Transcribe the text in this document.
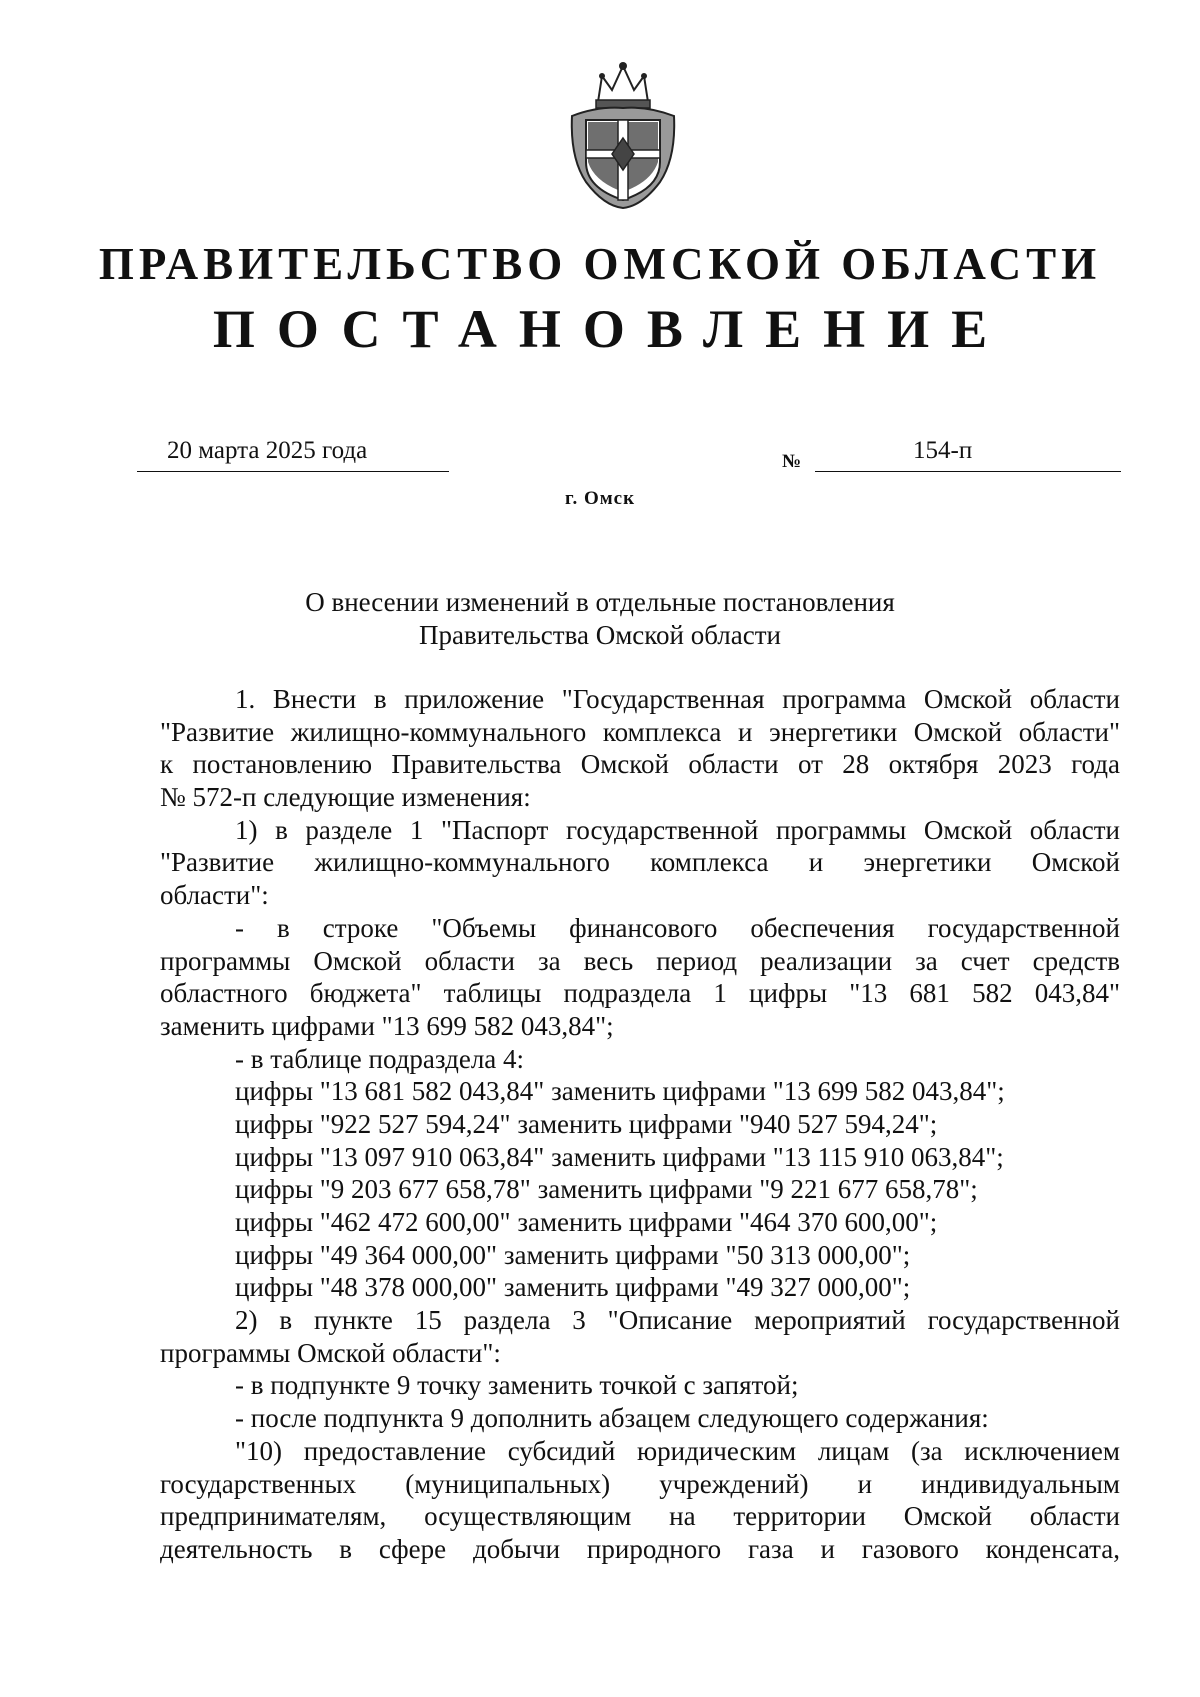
ПРАВИТЕЛЬСТВО ОМСКОЙ ОБЛАСТИ
ПОСТАНОВЛЕНИЕ
20 марта 2025 года	№	154-п
г. Омск
О внесении изменений в отдельные постановления
Правительства Омской области
1. Внести в приложение "Государственная программа Омской области
"Развитие жилищно-коммунального комплекса и энергетики Омской области"
к постановлению Правительства Омской области от 28 октября 2023 года
№ 572-п следующие изменения:
1) в разделе 1 "Паспорт государственной программы Омской области
"Развитие жилищно-коммунального комплекса и энергетики Омской
области":
- в строке "Объемы финансового обеспечения государственной
программы Омской области за весь период реализации за счет средств
областного бюджета" таблицы подраздела 1 цифры "13 681 582 043,84"
заменить цифрами "13 699 582 043,84";
- в таблице подраздела 4:
цифры "13 681 582 043,84" заменить цифрами "13 699 582 043,84";
цифры "922 527 594,24" заменить цифрами "940 527 594,24";
цифры "13 097 910 063,84" заменить цифрами "13 115 910 063,84";
цифры "9 203 677 658,78" заменить цифрами "9 221 677 658,78";
цифры "462 472 600,00" заменить цифрами "464 370 600,00";
цифры "49 364 000,00" заменить цифрами "50 313 000,00";
цифры "48 378 000,00" заменить цифрами "49 327 000,00";
2) в пункте 15 раздела 3 "Описание мероприятий государственной
программы Омской области":
- в подпункте 9 точку заменить точкой с запятой;
- после подпункта 9 дополнить абзацем следующего содержания:
"10) предоставление субсидий юридическим лицам (за исключением
государственных (муниципальных) учреждений) и индивидуальным
предпринимателям, осуществляющим на территории Омской области
деятельность в сфере добычи природного газа и газового конденсата,
